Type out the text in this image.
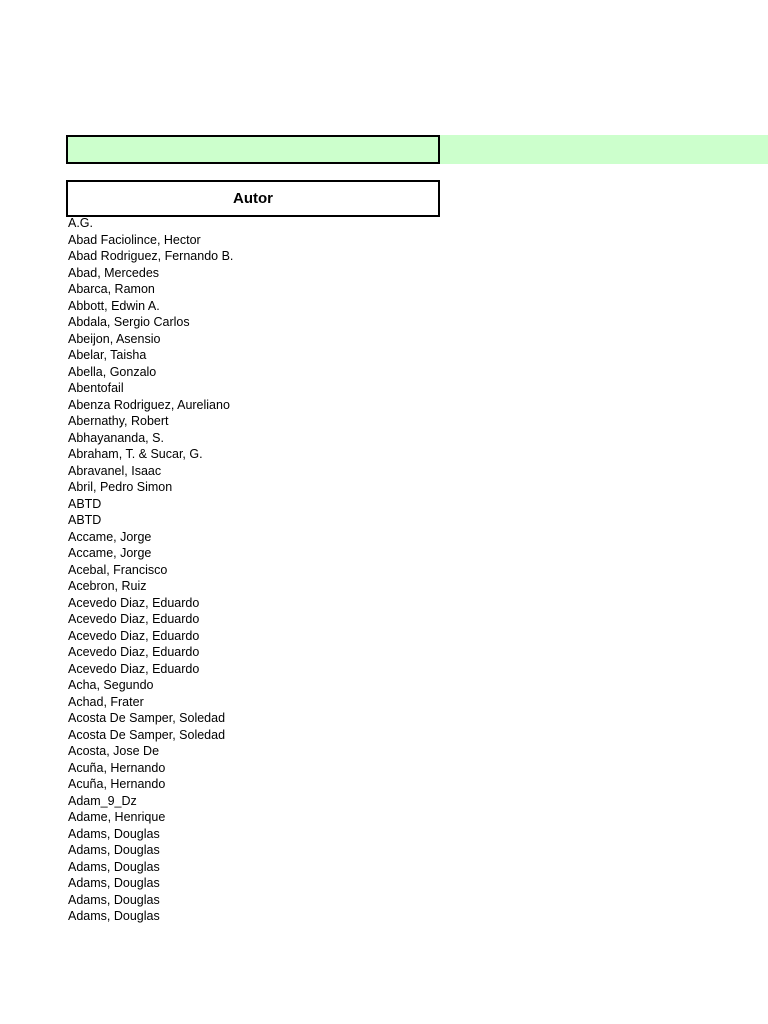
Autor
A.G.
Abad Faciolince, Hector
Abad Rodriguez, Fernando B.
Abad, Mercedes
Abarca, Ramon
Abbott, Edwin A.
Abdala, Sergio Carlos
Abeijon, Asensio
Abelar, Taisha
Abella, Gonzalo
Abentofail
Abenza Rodriguez, Aureliano
Abernathy, Robert
Abhayananda, S.
Abraham, T. & Sucar, G.
Abravanel, Isaac
Abril, Pedro Simon
ABTD
ABTD
Accame, Jorge
Accame, Jorge
Acebal, Francisco
Acebron, Ruiz
Acevedo Diaz, Eduardo
Acevedo Diaz, Eduardo
Acevedo Diaz, Eduardo
Acevedo Diaz, Eduardo
Acevedo Diaz, Eduardo
Acha, Segundo
Achad, Frater
Acosta De Samper, Soledad
Acosta De Samper, Soledad
Acosta, Jose De
Acuña, Hernando
Acuña, Hernando
Adam_9_Dz
Adame, Henrique
Adams, Douglas
Adams, Douglas
Adams, Douglas
Adams, Douglas
Adams, Douglas
Adams, Douglas
